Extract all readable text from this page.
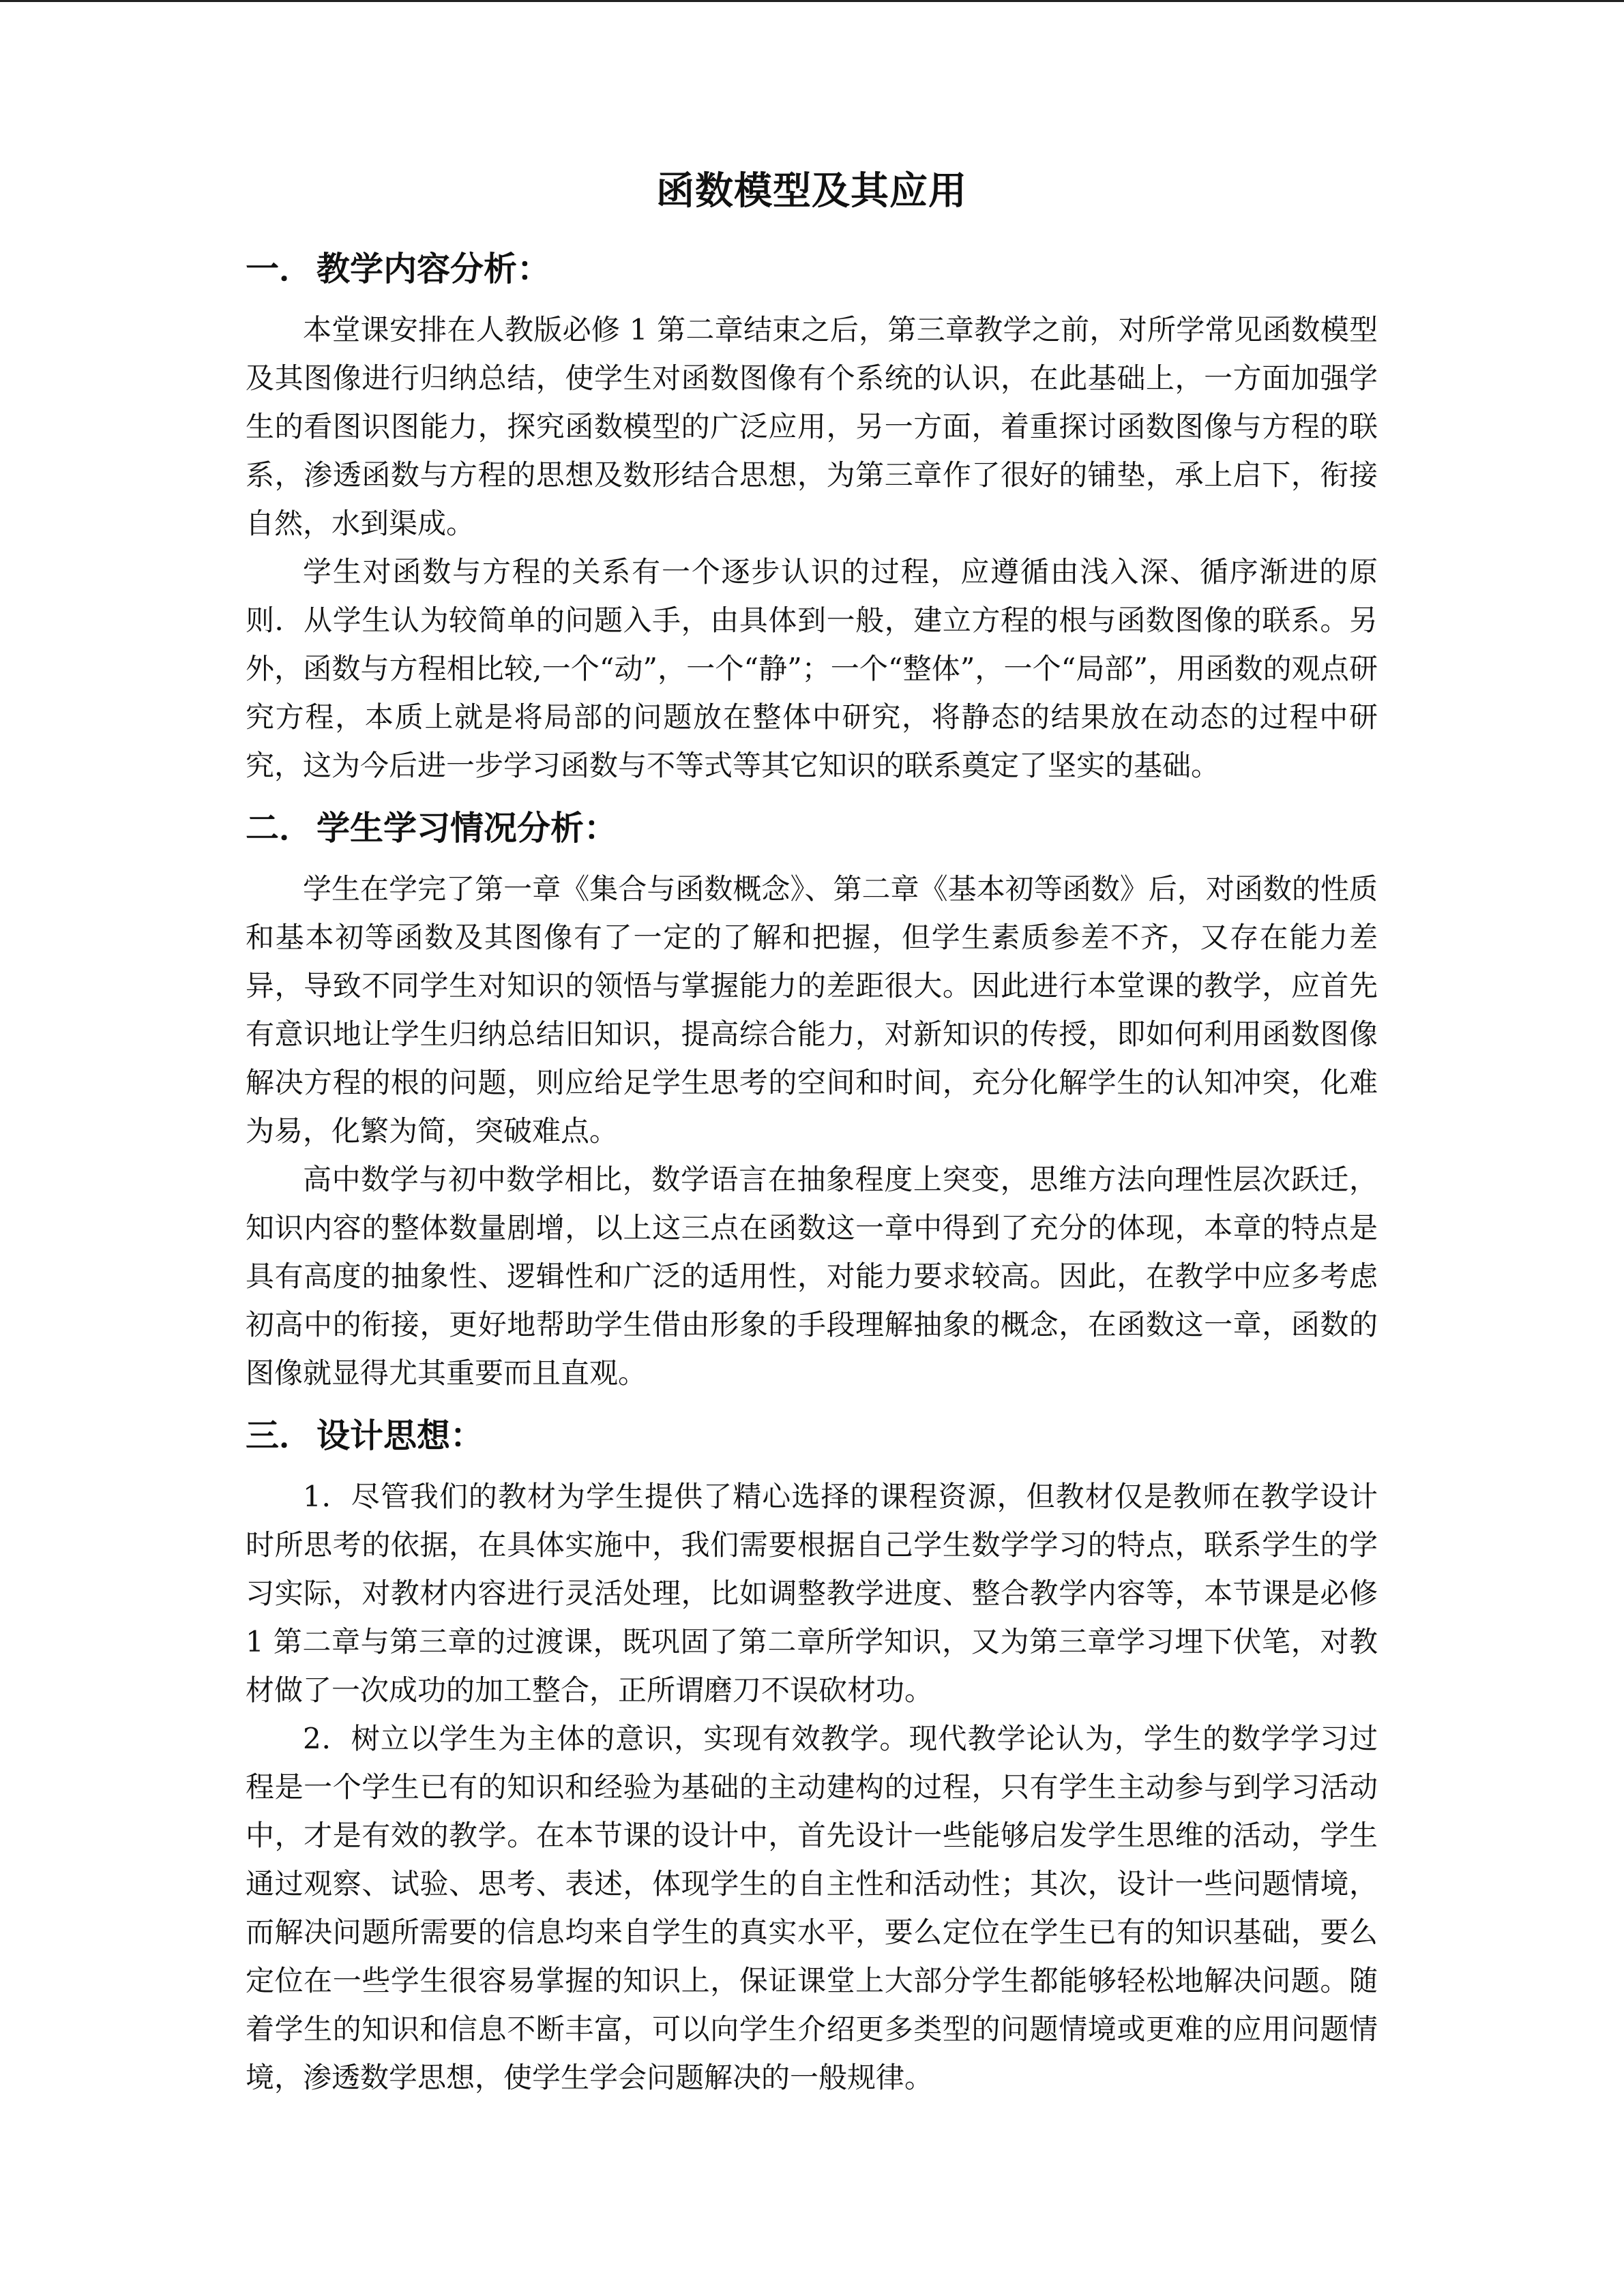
函数模型及其应用
一． 教学内容分析：

本堂课安排在人教版必修 1 第二章结束之后，第三章教学之前，对所学常见函数模型及其图像进行归纳总结，使学生对函数图像有个系统的认识，在此基础上，一方面加强学生的看图识图能力，探究函数模型的广泛应用，另一方面，着重探讨函数图像与方程的联系，渗透函数与方程的思想及数形结合思想，为第三章作了很好的铺垫，承上启下，衔接自然，水到渠成。

学生对函数与方程的关系有一个逐步认识的过程，应遵循由浅入深、循序渐进的原则．从学生认为较简单的问题入手，由具体到一般，建立方程的根与函数图像的联系。另外，函数与方程相比较,一个“动”，一个“静”；一个“整体”，一个“局部”，用函数的观点研究方程，本质上就是将局部的问题放在整体中研究，将静态的结果放在动态的过程中研究，这为今后进一步学习函数与不等式等其它知识的联系奠定了坚实的基础。

二． 学生学习情况分析：

学生在学完了第一章《集合与函数概念》、第二章《基本初等函数》后，对函数的性质和基本初等函数及其图像有了一定的了解和把握，但学生素质参差不齐，又存在能力差异，导致不同学生对知识的领悟与掌握能力的差距很大。因此进行本堂课的教学，应首先有意识地让学生归纳总结旧知识，提高综合能力，对新知识的传授，即如何利用函数图像解决方程的根的问题，则应给足学生思考的空间和时间，充分化解学生的认知冲突，化难为易，化繁为简，突破难点。

高中数学与初中数学相比，数学语言在抽象程度上突变，思维方法向理性层次跃迁，知识内容的整体数量剧增，以上这三点在函数这一章中得到了充分的体现，本章的特点是具有高度的抽象性、逻辑性和广泛的适用性，对能力要求较高。因此，在教学中应多考虑初高中的衔接，更好地帮助学生借由形象的手段理解抽象的概念，在函数这一章，函数的图像就显得尤其重要而且直观。

三． 设计思想：

1．尽管我们的教材为学生提供了精心选择的课程资源，但教材仅是教师在教学设计时所思考的依据，在具体实施中，我们需要根据自己学生数学学习的特点，联系学生的学习实际，对教材内容进行灵活处理，比如调整教学进度、整合教学内容等，本节课是必修 1 第二章与第三章的过渡课，既巩固了第二章所学知识，又为第三章学习埋下伏笔，对教材做了一次成功的加工整合，正所谓磨刀不误砍材功。

2．树立以学生为主体的意识，实现有效教学。现代教学论认为，学生的数学学习过程是一个学生已有的知识和经验为基础的主动建构的过程，只有学生主动参与到学习活动中，才是有效的教学。在本节课的设计中，首先设计一些能够启发学生思维的活动，学生通过观察、试验、思考、表述，体现学生的自主性和活动性；其次，设计一些问题情境，而解决问题所需要的信息均来自学生的真实水平，要么定位在学生已有的知识基础，要么定位在一些学生很容易掌握的知识上，保证课堂上大部分学生都能够轻松地解决问题。随着学生的知识和信息不断丰富，可以向学生介绍更多类型的问题情境或更难的应用问题情境，渗透数学思想，使学生学会问题解决的一般规律。
